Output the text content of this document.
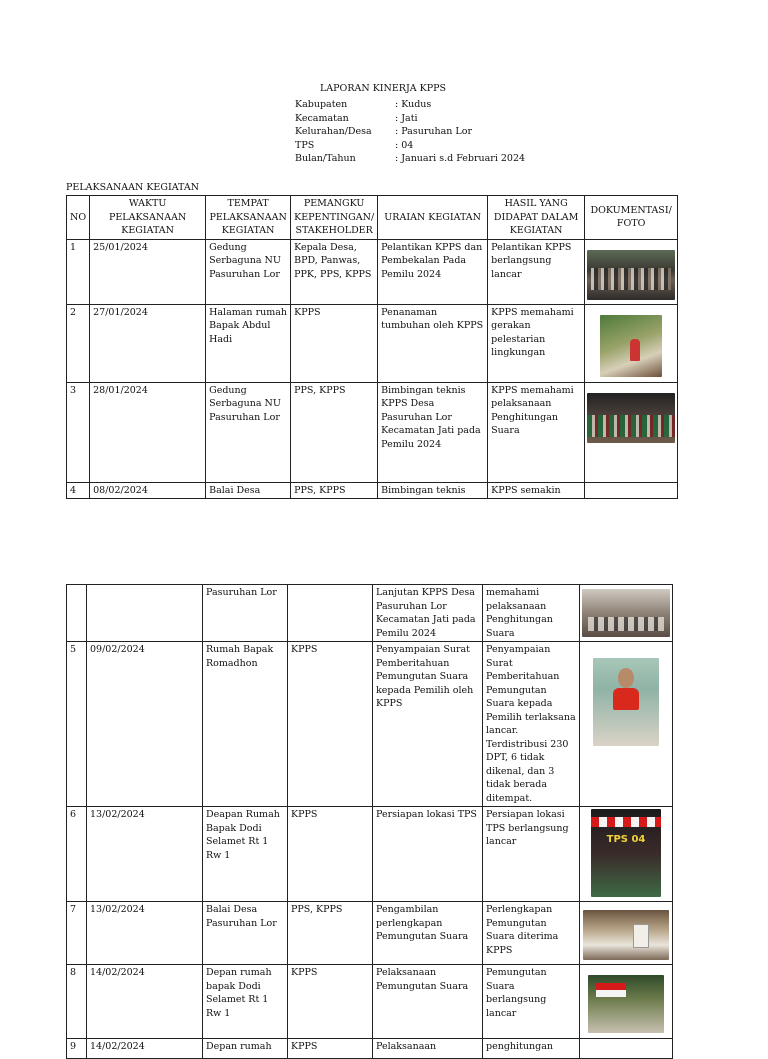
LAPORAN KINERJA KPPS
Kabupaten	: Kudus
Kecamatan	: Jati
Kelurahan/Desa	: Pasuruhan Lor
TPS	: 04
Bulan/Tahun	: Januari s.d Februari 2024
PELAKSANAAN KEGIATAN
NO	WAKTU PELAKSANAAN KEGIATAN	TEMPAT PELAKSANAAN KEGIATAN	PEMANGKU KEPENTINGAN/ STAKEHOLDER	URAIAN KEGIATAN	HASIL YANG DIDAPAT DALAM KEGIATAN	DOKUMENTASI/ FOTO
1	25/01/2024	Gedung Serbaguna NU Pasuruhan Lor	Kepala Desa, BPD, Panwas, PPK, PPS, KPPS	Pelantikan KPPS dan Pembekalan Pada Pemilu 2024	Pelantikan KPPS berlangsung lancar	

2	27/01/2024	Halaman rumah Bapak Abdul Hadi	KPPS	Penanaman tumbuhan oleh KPPS	KPPS memahami gerakan pelestarian lingkungan	

3	28/01/2024	Gedung Serbaguna NU Pasuruhan Lor	PPS, KPPS	Bimbingan teknis KPPS Desa Pasuruhan Lor Kecamatan Jati pada Pemilu 2024	KPPS memahami pelaksanaan Penghitungan Suara	

4	08/02/2024	Balai Desa	PPS, KPPS	Bimbingan teknis	KPPS semakin	
		Pasuruhan Lor		Lanjutan KPPS Desa Pasuruhan Lor Kecamatan Jati pada Pemilu 2024	memahami pelaksanaan Penghitungan Suara	

5	09/02/2024	Rumah Bapak Romadhon	KPPS	Penyampaian Surat Pemberitahuan Pemungutan Suara kepada Pemilih oleh KPPS	Penyampaian Surat Pemberitahuan Pemungutan Suara kepada Pemilih terlaksana lancar. Terdistribusi 230 DPT, 6 tidak dikenal, dan 3 tidak berada ditempat.	

6	13/02/2024	Deapan Rumah Bapak Dodi Selamet Rt 1 Rw 1	KPPS	Persiapan lokasi TPS	Persiapan lokasi TPS berlangsung lancar	
TPS 04

7	13/02/2024	Balai Desa Pasuruhan Lor	PPS, KPPS	Pengambilan perlengkapan Pemungutan Suara	Perlengkapan Pemungutan Suara diterima KPPS	

8	14/02/2024	Depan rumah bapak Dodi Selamet Rt 1 Rw 1	KPPS	Pelaksanaan Pemungutan Suara	Pemungutan Suara berlangsung lancar	

9	14/02/2024	Depan rumah	KPPS	Pelaksanaan	penghitungan	
